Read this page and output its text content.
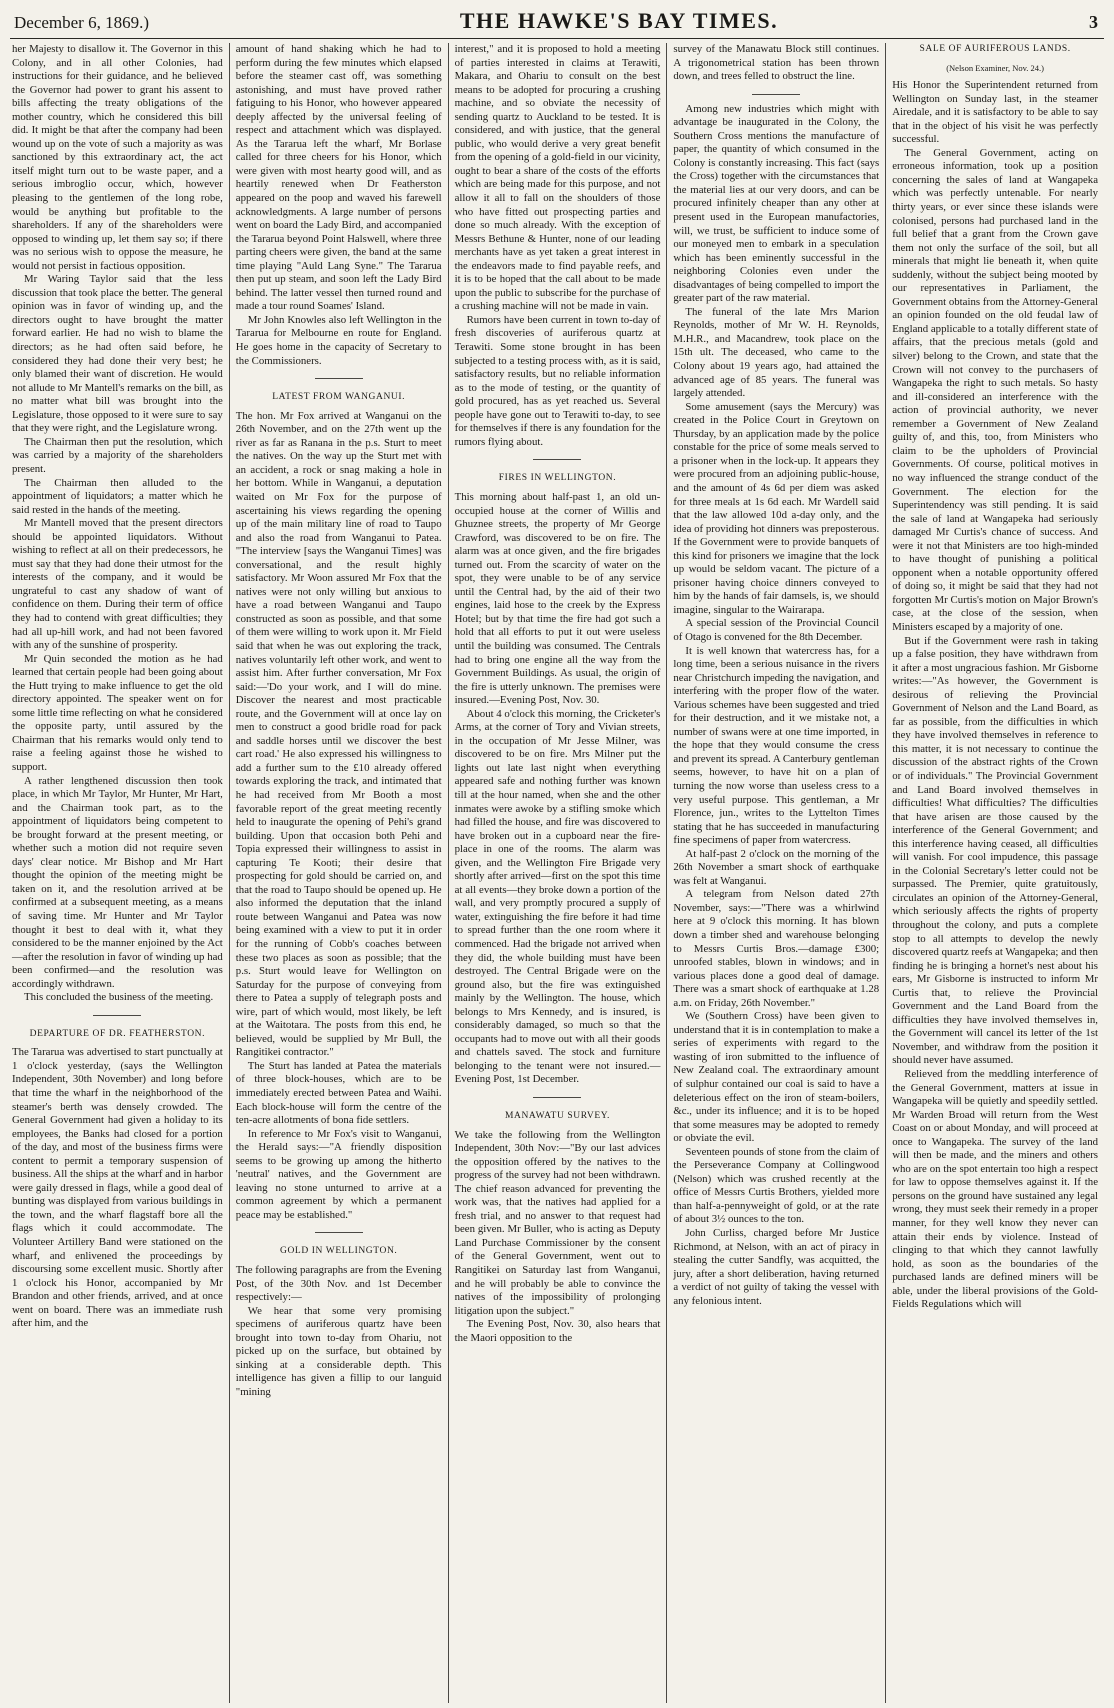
December 6, 1869.)	THE HAWKE'S BAY TIMES.	3

her Majesty to disallow it. The Governor in this Colony, and in all other Colonies, had instructions for their guidance, and he believed the Governor had power to grant his assent to bills affecting the treaty obligations of the mother country, which he considered this bill did. It might be that after the company had been wound up on the vote of such a majority as was sanctioned by this extraordinary act, the act itself might turn out to be waste paper, and a serious imbroglio occur, which, however pleasing to the gentlemen of the long robe, would be anything but profitable to the shareholders. If any of the shareholders were opposed to winding up, let them say so; if there was no serious wish to oppose the measure, he would not persist in factious opposition.

Mr Waring Taylor said that the less discussion that took place the better. The general opinion was in favor of winding up, and the directors ought to have brought the matter forward earlier. He had no wish to blame the directors; as he had often said before, he considered they had done their very best; he only blamed their want of discretion. He would not allude to Mr Mantell's remarks on the bill, as no matter what bill was brought into the Legislature, those opposed to it were sure to say that they were right, and the Legislature wrong.

The Chairman then put the resolution, which was carried by a majority of the shareholders present.

The Chairman then alluded to the appointment of liquidators; a matter which he said rested in the hands of the meeting.

Mr Mantell moved that the present directors should be appointed liquidators. Without wishing to reflect at all on their predecessors, he must say that they had done their utmost for the interests of the company, and it would be ungrateful to cast any shadow of want of confidence on them. During their term of office they had to contend with great difficulties; they had all up-hill work, and had not been favored with any of the sunshine of prosperity.

Mr Quin seconded the motion as he had learned that certain people had been going about the Hutt trying to make influence to get the old directory appointed. The speaker went on for some little time reflecting on what he considered the opposite party, until assured by the Chairman that his remarks would only tend to raise a feeling against those he wished to support.

A rather lengthened discussion then took place, in which Mr Taylor, Mr Hunter, Mr Hart, and the Chairman took part, as to the appointment of liquidators being competent to be brought forward at the present meeting, or whether such a motion did not require seven days' clear notice. Mr Bishop and Mr Hart thought the opinion of the meeting might be taken on it, and the resolution arrived at be confirmed at a subsequent meeting, as a means of saving time. Mr Hunter and Mr Taylor thought it best to deal with it, what they considered to be the manner enjoined by the Act—after the resolution in favor of winding up had been confirmed—and the resolution was accordingly withdrawn.

This concluded the business of the meeting.

DEPARTURE OF DR. FEATHERSTON.

The Tararua was advertised to start punctually at 1 o'clock yesterday, (says the Wellington Independent, 30th November) and long before that time the wharf in the neighborhood of the steamer's berth was densely crowded. The General Government had given a holiday to its employees, the Banks had closed for a portion of the day, and most of the business firms were content to permit a temporary suspension of business. All the ships at the wharf and in harbor were gaily dressed in flags, while a good deal of bunting was displayed from various buildings in the town, and the wharf flagstaff bore all the flags which it could accommodate. The Volunteer Artillery Band were stationed on the wharf, and enlivened the proceedings by discoursing some excellent music. Shortly after 1 o'clock his Honor, accompanied by Mr Brandon and other friends, arrived, and at once went on board. There was an immediate rush after him, and the

amount of hand shaking which he had to perform during the few minutes which elapsed before the steamer cast off, was something astonishing, and must have proved rather fatiguing to his Honor, who however appeared deeply affected by the universal feeling of respect and attachment which was displayed. As the Tararua left the wharf, Mr Borlase called for three cheers for his Honor, which were given with most hearty good will, and as heartily renewed when Dr Featherston appeared on the poop and waved his farewell acknowledgments. A large number of persons went on board the Lady Bird, and accompanied the Tararua beyond Point Halswell, where three parting cheers were given, the band at the same time playing "Auld Lang Syne." The Tararua then put up steam, and soon left the Lady Bird behind. The latter vessel then turned round and made a tour round Soames' Island.

Mr John Knowles also left Wellington in the Tararua for Melbourne en route for England. He goes home in the capacity of Secretary to the Commissioners.

LATEST FROM WANGANUI.

The hon. Mr Fox arrived at Wanganui on the 26th November, and on the 27th went up the river as far as Ranana in the p.s. Sturt to meet the natives. On the way up the Sturt met with an accident, a rock or snag making a hole in her bottom. While in Wanganui, a deputation waited on Mr Fox for the purpose of ascertaining his views regarding the opening up of the main military line of road to Taupo and also the road from Wanganui to Patea. "The interview [says the Wanganui Times] was conversational, and the result highly satisfactory. Mr Woon assured Mr Fox that the natives were not only willing but anxious to have a road between Wanganui and Taupo constructed as soon as possible, and that some of them were willing to work upon it. Mr Field said that when he was out exploring the track, natives voluntarily left other work, and went to assist him. After further conversation, Mr Fox said:—'Do your work, and I will do mine. Discover the nearest and most practicable route, and the Government will at once lay on men to construct a good bridle road for pack and saddle horses until we discover the best cart road.' He also expressed his willingness to add a further sum to the £10 already offered towards exploring the track, and intimated that he had received from Mr Booth a most favorable report of the great meeting recently held to inaugurate the opening of Pehi's grand building. Upon that occasion both Pehi and Topia expressed their willingness to assist in capturing Te Kooti; their desire that prospecting for gold should be carried on, and that the road to Taupo should be opened up. He also informed the deputation that the inland route between Wanganui and Patea was now being examined with a view to put it in order for the running of Cobb's coaches between these two places as soon as possible; that the p.s. Sturt would leave for Wellington on Saturday for the purpose of conveying from there to Patea a supply of telegraph posts and wire, part of which would, most likely, be left at the Waitotara. The posts from this end, he believed, would be supplied by Mr Bull, the Rangitikei contractor."

The Sturt has landed at Patea the materials of three block-houses, which are to be immediately erected between Patea and Waihi. Each block-house will form the centre of the ten-acre allotments of bona fide settlers.

In reference to Mr Fox's visit to Wanganui, the Herald says:—"A friendly disposition seems to be growing up among the hitherto 'neutral' natives, and the Government are leaving no stone unturned to arrive at a common agreement by which a permanent peace may be established."

GOLD IN WELLINGTON.

The following paragraphs are from the Evening Post, of the 30th Nov. and 1st December respectively:—

We hear that some very promising specimens of auriferous quartz have been brought into town to-day from Ohariu, not picked up on the surface, but obtained by sinking at a considerable depth. This intelligence has given a fillip to our languid "mining

interest," and it is proposed to hold a meeting of parties interested in claims at Terawiti, Makara, and Ohariu to consult on the best means to be adopted for procuring a crushing machine, and so obviate the necessity of sending quartz to Auckland to be tested. It is considered, and with justice, that the general public, who would derive a very great benefit from the opening of a gold-field in our vicinity, ought to bear a share of the costs of the efforts which are being made for this purpose, and not allow it all to fall on the shoulders of those who have fitted out prospecting parties and done so much already. With the exception of Messrs Bethune & Hunter, none of our leading merchants have as yet taken a great interest in the endeavors made to find payable reefs, and it is to be hoped that the call about to be made upon the public to subscribe for the purchase of a crushing machine will not be made in vain.

Rumors have been current in town to-day of fresh discoveries of auriferous quartz at Terawiti. Some stone brought in has been subjected to a testing process with, as it is said, satisfactory results, but no reliable information as to the mode of testing, or the quantity of gold procured, has as yet reached us. Several people have gone out to Terawiti to-day, to see for themselves if there is any foundation for the rumors flying about.

FIRES IN WELLINGTON.

This morning about half-past 1, an old un-occupied house at the corner of Willis and Ghuznee streets, the property of Mr George Crawford, was discovered to be on fire. The alarm was at once given, and the fire brigades turned out. From the scarcity of water on the spot, they were unable to be of any service until the Central had, by the aid of their two engines, laid hose to the creek by the Express Hotel; but by that time the fire had got such a hold that all efforts to put it out were useless until the building was consumed. The Centrals had to bring one engine all the way from the Government Buildings. As usual, the origin of the fire is utterly unknown. The premises were insured.—Evening Post, Nov. 30.

About 4 o'clock this morning, the Cricketer's Arms, at the corner of Tory and Vivian streets, in the occupation of Mr Jesse Milner, was discovered to be on fire. Mrs Milner put the lights out late last night when everything appeared safe and nothing further was known till at the hour named, when she and the other inmates were awoke by a stifling smoke which had filled the house, and fire was discovered to have broken out in a cupboard near the fire-place in one of the rooms. The alarm was given, and the Wellington Fire Brigade very shortly after arrived—first on the spot this time at all events—they broke down a portion of the wall, and very promptly procured a supply of water, extinguishing the fire before it had time to spread further than the one room where it commenced. Had the brigade not arrived when they did, the whole building must have been destroyed. The Central Brigade were on the ground also, but the fire was extinguished mainly by the Wellington. The house, which belongs to Mrs Kennedy, and is insured, is considerably damaged, so much so that the occupants had to move out with all their goods and chattels saved. The stock and furniture belonging to the tenant were not insured.—Evening Post, 1st December.

MANAWATU SURVEY.

We take the following from the Wellington Independent, 30th Nov:—"By our last advices the opposition offered by the natives to the progress of the survey had not been withdrawn. The chief reason advanced for preventing the work was, that the natives had applied for a fresh trial, and no answer to that request had been given. Mr Buller, who is acting as Deputy Land Purchase Commissioner by the consent of the General Government, went out to Rangitikei on Saturday last from Wanganui, and he will probably be able to convince the natives of the impossibility of prolonging litigation upon the subject."

The Evening Post, Nov. 30, also hears that the Maori opposition to the

survey of the Manawatu Block still continues. A trigonometrical station has been thrown down, and trees felled to obstruct the line.

Among new industries which might with advantage be inaugurated in the Colony, the Southern Cross mentions the manufacture of paper, the quantity of which consumed in the Colony is constantly increasing. This fact (says the Cross) together with the circumstances that the material lies at our very doors, and can be procured infinitely cheaper than any other at present used in the European manufactories, will, we trust, be sufficient to induce some of our moneyed men to embark in a speculation which has been eminently successful in the neighboring Colonies even under the disadvantages of being compelled to import the greater part of the raw material.

The funeral of the late Mrs Marion Reynolds, mother of Mr W. H. Reynolds, M.H.R., and Macandrew, took place on the 15th ult. The deceased, who came to the Colony about 19 years ago, had attained the advanced age of 85 years. The funeral was largely attended.

Some amusement (says the Mercury) was created in the Police Court in Greytown on Thursday, by an application made by the police constable for the price of some meals served to a prisoner when in the lock-up. It appears they were procured from an adjoining public-house, and the amount of 4s 6d per diem was asked for three meals at 1s 6d each. Mr Wardell said that the law allowed 10d a-day only, and the idea of providing hot dinners was preposterous. If the Government were to provide banquets of this kind for prisoners we imagine that the lock up would be seldom vacant. The picture of a prisoner having choice dinners conveyed to him by the hands of fair damsels, is, we should imagine, singular to the Wairarapa.

A special session of the Provincial Council of Otago is convened for the 8th December.

It is well known that watercress has, for a long time, been a serious nuisance in the rivers near Christchurch impeding the navigation, and interfering with the proper flow of the water. Various schemes have been suggested and tried for their destruction, and it we mistake not, a number of swans were at one time imported, in the hope that they would consume the cress and prevent its spread. A Canterbury gentleman seems, however, to have hit on a plan of turning the now worse than useless cress to a very useful purpose. This gentleman, a Mr Florence, jun., writes to the Lyttelton Times stating that he has succeeded in manufacturing fine specimens of paper from watercress.

At half-past 2 o'clock on the morning of the 26th November a smart shock of earthquake was felt at Wanganui.

A telegram from Nelson dated 27th November, says:—"There was a whirlwind here at 9 o'clock this morning. It has blown down a timber shed and warehouse belonging to Messrs Curtis Bros.—damage £300; unroofed stables, blown in windows; and in various places done a good deal of damage. There was a smart shock of earthquake at 1.28 a.m. on Friday, 26th November."

We (Southern Cross) have been given to understand that it is in contemplation to make a series of experiments with regard to the wasting of iron submitted to the influence of New Zealand coal. The extraordinary amount of sulphur contained our coal is said to have a deleterious effect on the iron of steam-boilers, &c., under its influence; and it is to be hoped that some measures may be adopted to remedy or obviate the evil.

Seventeen pounds of stone from the claim of the Perseverance Company at Collingwood (Nelson) which was crushed recently at the office of Messrs Curtis Brothers, yielded more than half-a-pennyweight of gold, or at the rate of about 3½ ounces to the ton.

John Curliss, charged before Mr Justice Richmond, at Nelson, with an act of piracy in stealing the cutter Sandfly, was acquitted, the jury, after a short deliberation, having returned a verdict of not guilty of taking the vessel with any felonious intent.

SALE OF AURIFEROUS LANDS.
(Nelson Examiner, Nov. 24.)

His Honor the Superintendent returned from Wellington on Sunday last, in the steamer Airedale, and it is satisfactory to be able to say that in the object of his visit he was perfectly successful.

The General Government, acting on erroneous information, took up a position concerning the sales of land at Wangapeka which was perfectly untenable. For nearly thirty years, or ever since these islands were colonised, persons had purchased land in the full belief that a grant from the Crown gave them not only the surface of the soil, but all minerals that might lie beneath it, when quite suddenly, without the subject being mooted by our representatives in Parliament, the Government obtains from the Attorney-General an opinion founded on the old feudal law of England applicable to a totally different state of affairs, that the precious metals (gold and silver) belong to the Crown, and state that the Crown will not convey to the purchasers of Wangapeka the right to such metals. So hasty and ill-considered an interference with the action of provincial authority, we never remember a Government of New Zealand guilty of, and this, too, from Ministers who claim to be the upholders of Provincial Governments. Of course, political motives in no way influenced the strange conduct of the Government. The election for the Superintendency was still pending. It is said the sale of land at Wangapeka had seriously damaged Mr Curtis's chance of success. And were it not that Ministers are too high-minded to have thought of punishing a political opponent when a notable opportunity offered of doing so, it might be said that they had not forgotten Mr Curtis's motion on Major Brown's case, at the close of the session, when Ministers escaped by a majority of one.

But if the Government were rash in taking up a false position, they have withdrawn from it after a most ungracious fashion. Mr Gisborne writes:—"As however, the Government is desirous of relieving the Provincial Government of Nelson and the Land Board, as far as possible, from the difficulties in which they have involved themselves in reference to this matter, it is not necessary to continue the discussion of the abstract rights of the Crown or of individuals." The Provincial Government and Land Board involved themselves in difficulties! What difficulties? The difficulties that have arisen are those caused by the interference of the General Government; and this interference having ceased, all difficulties will vanish. For cool impudence, this passage in the Colonial Secretary's letter could not be surpassed. The Premier, quite gratuitously, circulates an opinion of the Attorney-General, which seriously affects the rights of property throughout the colony, and puts a complete stop to all attempts to develop the newly discovered quartz reefs at Wangapeka; and then finding he is bringing a hornet's nest about his ears, Mr Gisborne is instructed to inform Mr Curtis that, to relieve the Provincial Government and the Land Board from the difficulties they have involved themselves in, the Government will cancel its letter of the 1st November, and withdraw from the position it should never have assumed.

Relieved from the meddling interference of the General Government, matters at issue in Wangapeka will be quietly and speedily settled. Mr Warden Broad will return from the West Coast on or about Monday, and will proceed at once to Wangapeka. The survey of the land will then be made, and the miners and others who are on the spot entertain too high a respect for law to oppose themselves against it. If the persons on the ground have sustained any legal wrong, they must seek their remedy in a proper manner, for they well know they never can attain their ends by violence. Instead of clinging to that which they cannot lawfully hold, as soon as the boundaries of the purchased lands are defined miners will be able, under the liberal provisions of the Gold-Fields Regulations which will
